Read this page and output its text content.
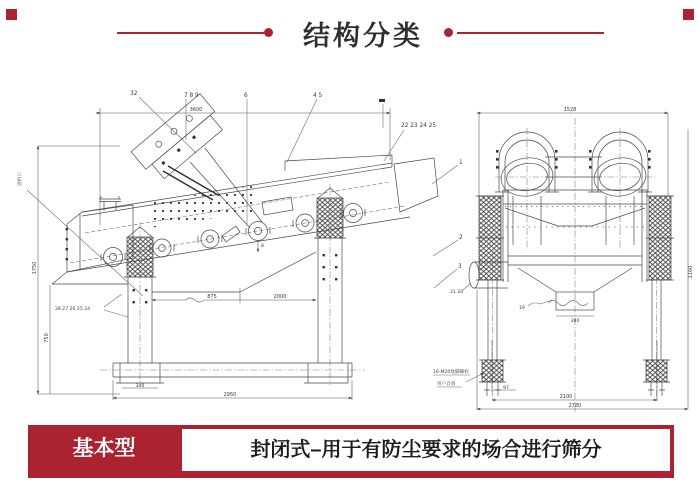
结构分类
3600
1750
750
875	2000
2950
340
8
32	7 8 9	6	4 5
22 23 24 25
28 27 26 25 24
进料口
1528
380
97
2100
2780
1160
1
2
3
21 20
19
16-M20地脚螺栓
用户自备
基本型	封闭式–用于有防尘要求的场合进行筛分
